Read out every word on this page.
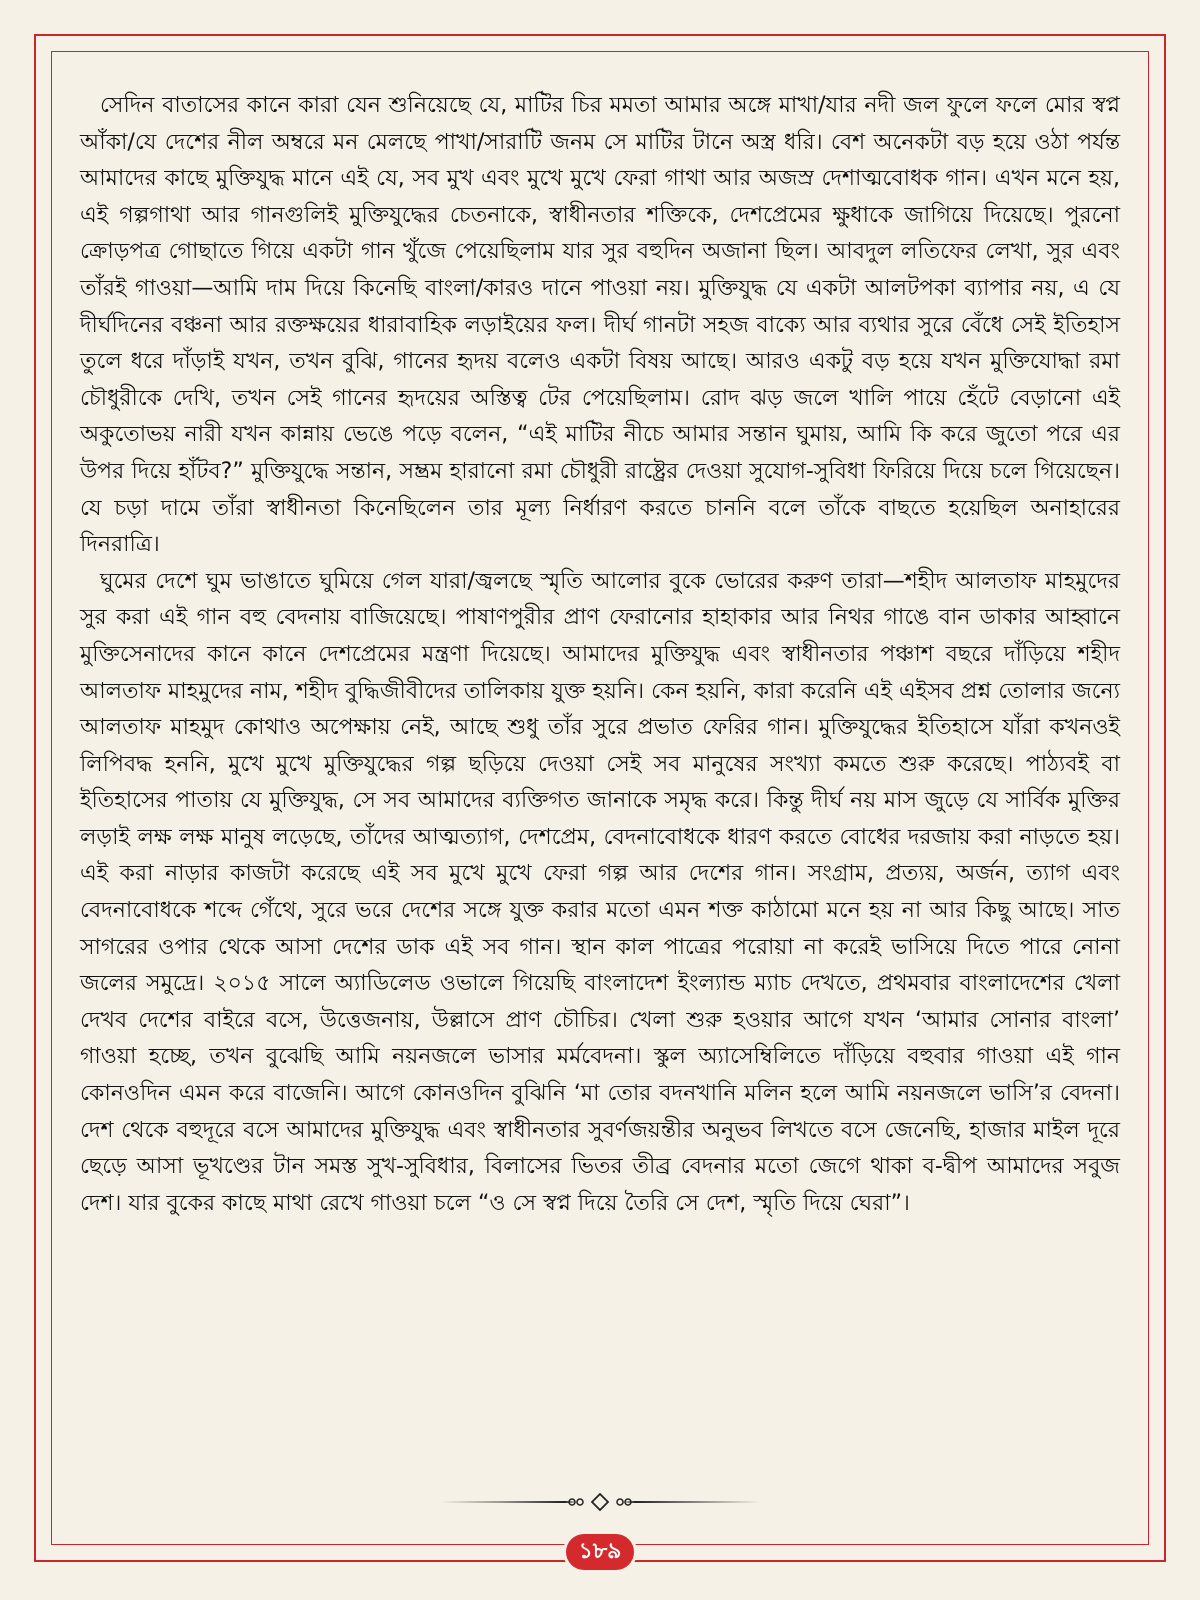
সেদিন বাতাসের কানে কারা যেন শুনিয়েছে যে, মাটির চির মমতা আমার অঙ্গে মাখা/যার নদী জল ফুলে ফলে মোর স্বপ্ন আঁকা/যে দেশের নীল অম্বরে মন মেলছে পাখা/সারাটি জনম সে মাটির টানে অস্ত্র ধরি। বেশ অনেকটা বড় হয়ে ওঠা পর্যন্ত আমাদের কাছে মুক্তিযুদ্ধ মানে এই যে, সব মুখ এবং মুখে মুখে ফেরা গাথা আর অজস্র দেশাত্মবোধক গান। এখন মনে হয়, এই গল্পগাথা আর গানগুলিই মুক্তিযুদ্ধের চেতনাকে, স্বাধীনতার শক্তিকে, দেশপ্রেমের ক্ষুধাকে জাগিয়ে দিয়েছে। পুরনো ক্রোড়পত্র গোছাতে গিয়ে একটা গান খুঁজে পেয়েছিলাম যার সুর বহুদিন অজানা ছিল। আবদুল লতিফের লেখা, সুর এবং তাঁরই গাওয়া—আমি দাম দিয়ে কিনেছি বাংলা/কারও দানে পাওয়া নয়। মুক্তিযুদ্ধ যে একটা আলটপকা ব্যাপার নয়, এ যে দীর্ঘদিনের বঞ্চনা আর রক্তক্ষয়ের ধারাবাহিক লড়াইয়ের ফল। দীর্ঘ গানটা সহজ বাক্যে আর ব্যথার সুরে বেঁধে সেই ইতিহাস তুলে ধরে দাঁড়াই যখন, তখন বুঝি, গানের হৃদয় বলেও একটা বিষয় আছে। আরও একটু বড় হয়ে যখন মুক্তিযোদ্ধা রমা চৌধুরীকে দেখি, তখন সেই গানের হৃদয়ের অস্তিত্ব টের পেয়েছিলাম। রোদ ঝড় জলে খালি পায়ে হেঁটে বেড়ানো এই অকুতোভয় নারী যখন কান্নায় ভেঙে পড়ে বলেন, “এই মাটির নীচে আমার সন্তান ঘুমায়, আমি কি করে জুতো পরে এর উপর দিয়ে হাঁটব?” মুক্তিযুদ্ধে সন্তান, সম্ভ্রম হারানো রমা চৌধুরী রাষ্ট্রের দেওয়া সুযোগ-সুবিধা ফিরিয়ে দিয়ে চলে গিয়েছেন। যে চড়া দামে তাঁরা স্বাধীনতা কিনেছিলেন তার মূল্য নির্ধারণ করতে চাননি বলে তাঁকে বাছতে হয়েছিল অনাহারের দিনরাত্রি।

ঘুমের দেশে ঘুম ভাঙাতে ঘুমিয়ে গেল যারা/জ্বলছে স্মৃতি আলোর বুকে ভোরের করুণ তারা—শহীদ আলতাফ মাহমুদের সুর করা এই গান বহু বেদনায় বাজিয়েছে। পাষাণপুরীর প্রাণ ফেরানোর হাহাকার আর নিথর গাঙে বান ডাকার আহ্বানে মুক্তিসেনাদের কানে কানে দেশপ্রেমের মন্ত্রণা দিয়েছে। আমাদের মুক্তিযুদ্ধ এবং স্বাধীনতার পঞ্চাশ বছরে দাঁড়িয়ে শহীদ আলতাফ মাহমুদের নাম, শহীদ বুদ্ধিজীবীদের তালিকায় যুক্ত হয়নি। কেন হয়নি, কারা করেনি এই এইসব প্রশ্ন তোলার জন্যে আলতাফ মাহমুদ কোথাও অপেক্ষায় নেই, আছে শুধু তাঁর সুরে প্রভাত ফেরির গান। মুক্তিযুদ্ধের ইতিহাসে যাঁরা কখনওই লিপিবদ্ধ হননি, মুখে মুখে মুক্তিযুদ্ধের গল্প ছড়িয়ে দেওয়া সেই সব মানুষের সংখ্যা কমতে শুরু করেছে। পাঠ্যবই বা ইতিহাসের পাতায় যে মুক্তিযুদ্ধ, সে সব আমাদের ব্যক্তিগত জানাকে সমৃদ্ধ করে। কিন্তু দীর্ঘ নয় মাস জুড়ে যে সার্বিক মুক্তির লড়াই লক্ষ লক্ষ মানুষ লড়েছে, তাঁদের আত্মত্যাগ, দেশপ্রেম, বেদনাবোধকে ধারণ করতে বোধের দরজায় করা নাড়তে হয়। এই করা নাড়ার কাজটা করেছে এই সব মুখে মুখে ফেরা গল্প আর দেশের গান। সংগ্রাম, প্রত্যয়, অর্জন, ত্যাগ এবং বেদনাবোধকে শব্দে গেঁথে, সুরে ভরে দেশের সঙ্গে যুক্ত করার মতো এমন শক্ত কাঠামো মনে হয় না আর কিছু আছে। সাত সাগরের ওপার থেকে আসা দেশের ডাক এই সব গান। স্থান কাল পাত্রের পরোয়া না করেই ভাসিয়ে দিতে পারে নোনা জলের সমুদ্রে। ২০১৫ সালে অ্যাডিলেড ওভালে গিয়েছি বাংলাদেশ ইংল্যান্ড ম্যাচ দেখতে, প্রথমবার বাংলাদেশের খেলা দেখব দেশের বাইরে বসে, উত্তেজনায়, উল্লাসে প্রাণ চৌচির। খেলা শুরু হওয়ার আগে যখন ‘আমার সোনার বাংলা’ গাওয়া হচ্ছে, তখন বুঝেছি আমি নয়নজলে ভাসার মর্মবেদনা। স্কুল অ্যাসেম্বিলিতে দাঁড়িয়ে বহুবার গাওয়া এই গান কোনওদিন এমন করে বাজেনি। আগে কোনওদিন বুঝিনি ‘মা তোর বদনখানি মলিন হলে আমি নয়নজলে ভাসি’র বেদনা। দেশ থেকে বহুদূরে বসে আমাদের মুক্তিযুদ্ধ এবং স্বাধীনতার সুবর্ণজয়ন্তীর অনুভব লিখতে বসে জেনেছি, হাজার মাইল দূরে ছেড়ে আসা ভূখণ্ডের টান সমস্ত সুখ-সুবিধার, বিলাসের ভিতর তীব্র বেদনার মতো জেগে থাকা ব-দ্বীপ আমাদের সবুজ দেশ। যার বুকের কাছে মাথা রেখে গাওয়া চলে “ও সে স্বপ্ন দিয়ে তৈরি সে দেশ, স্মৃতি দিয়ে ঘেরা”।

১৮৯
